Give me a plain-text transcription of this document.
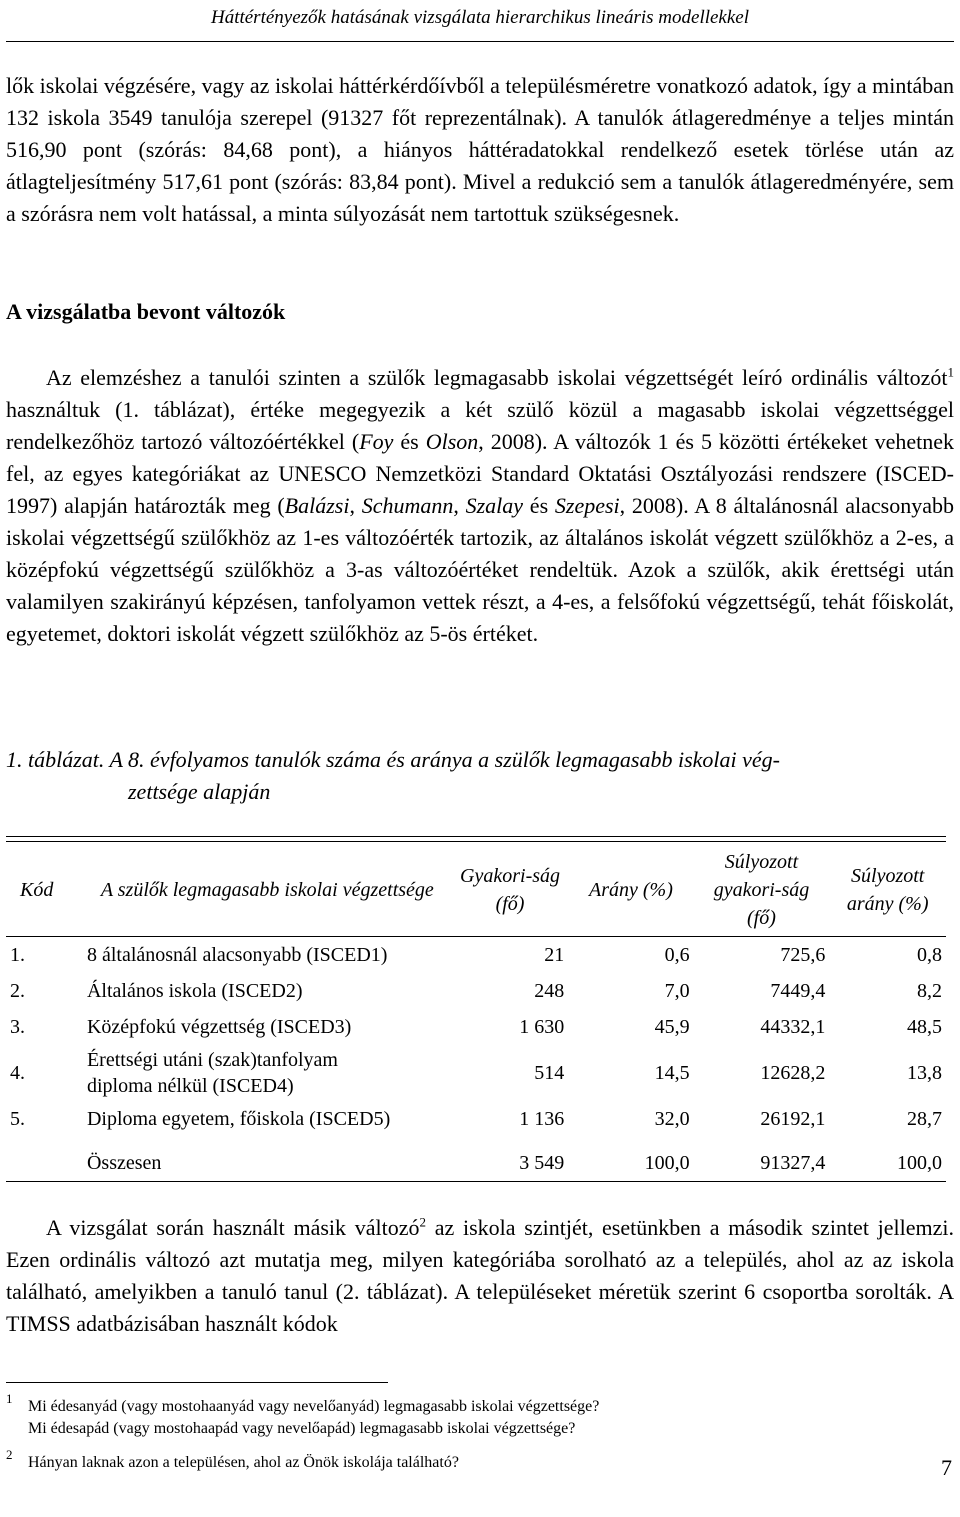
Háttértényezők hatásának vizsgálata hierarchikus lineáris modellekkel

lők iskolai végzésére, vagy az iskolai háttérkérdőívből a településméretre vonatkozó adatok, így a mintában 132 iskola 3549 tanulója szerepel (91327 főt reprezentálnak). A tanulók átlageredménye a teljes mintán 516,90 pont (szórás: 84,68 pont), a hiányos háttéradatokkal rendelkező esetek törlése után az átlagteljesítmény 517,61 pont (szórás: 83,84 pont). Mivel a redukció sem a tanulók átlageredményére, sem a szórásra nem volt hatással, a minta súlyozását nem tartottuk szükségesnek.

A vizsgálatba bevont változók

Az elemzéshez a tanulói szinten a szülők legmagasabb iskolai végzettségét leíró ordinális változót$^1$ használtuk (1. táblázat), értéke megegyezik a két szülő közül a magasabb iskolai végzettséggel rendelkezőhöz tartozó változóértékkel (Foy és Olson, 2008). A változók 1 és 5 közötti értékeket vehetnek fel, az egyes kategóriákat az UNESCO Nemzetközi Standard Oktatási Osztályozási rendszere (ISCED-1997) alapján határozták meg (Balázsi, Schumann, Szalay és Szepesi, 2008). A 8 általánosnál alacsonyabb iskolai végzettségű szülőkhöz az 1-es változóérték tartozik, az általános iskolát végzett szülőkhöz a 2-es, a középfokú végzettségű szülőkhöz a 3-as változóértéket rendeltük. Azok a szülők, akik érettségi után valamilyen szakirányú képzésen, tanfolyamon vettek részt, a 4-es, a felsőfokú végzettségű, tehát főiskolát, egyetemet, doktori iskolát végzett szülőkhöz az 5-ös értéket.

1. táblázat. A 8. évfolyamos tanulók száma és aránya a szülők legmagasabb iskolai vég-
zettsége alapján

Kód	A szülők legmagasabb iskolai végzettsége	Gyakori-ság (fő)	Arány (%)	Súlyozott gyakori-ság (fő)	Súlyozott arány (%)
1.	8 általánosnál alacsonyabb (ISCED1)	21	0,6	725,6	0,8
2.	Általános iskola (ISCED2)	248	7,0	7449,4	8,2
3.	Középfokú végzettség (ISCED3)	1 630	45,9	44332,1	48,5
4.	Érettségi utáni (szak)tanfolyam
diploma nélkül (ISCED4)	514	14,5	12628,2	13,8
5.	Diploma egyetem, főiskola (ISCED5)	1 136	32,0	26192,1	28,7
	Összesen	3 549	100,0	91327,4	100,0

A vizsgálat során használt másik változó$^2$ az iskola szintjét, esetünkben a második szintet jellemzi. Ezen ordinális változó azt mutatja meg, milyen kategóriába sorolható az a település, ahol az az iskola található, amelyikben a tanuló tanul (2. táblázat). A településeket méretük szerint 6 csoportba sorolták. A TIMSS adatbázisában használt kódok

1 Mi édesanyád (vagy mostohaanyád vagy nevelőanyád) legmagasabb iskolai végzettsége?
Mi édesapád (vagy mostohaapád vagy nevelőapád) legmagasabb iskolai végzettsége?

2 Hányan laknak azon a településen, ahol az Önök iskolája található?	7
